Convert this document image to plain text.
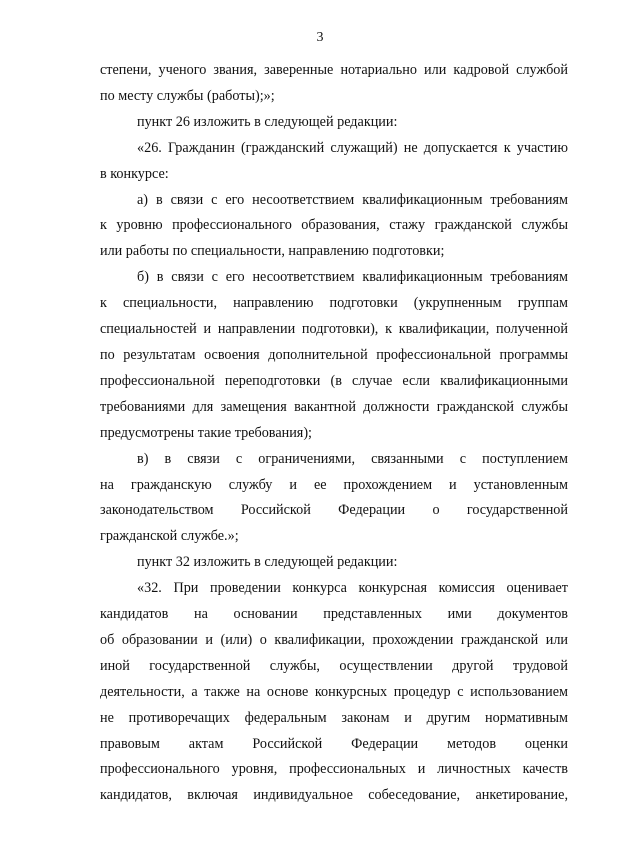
3

степени, ученого звания, заверенные нотариально или кадровой службой
по месту службы (работы);»;

пункт 26 изложить в следующей редакции:

«26. Гражданин (гражданский служащий) не допускается к участию
в конкурсе:

а) в связи с его несоответствием квалификационным требованиям
к уровню профессионального образования, стажу гражданской службы
или работы по специальности, направлению подготовки;

б) в связи с его несоответствием квалификационным требованиям
к специальности, направлению подготовки (укрупненным группам
специальностей и направлении подготовки), к квалификации, полученной
по результатам освоения дополнительной профессиональной программы
профессиональной переподготовки (в случае если квалификационными
требованиями для замещения вакантной должности гражданской службы
предусмотрены такие требования);

в) в связи с ограничениями, связанными с поступлением
на гражданскую службу и ее прохождением и установленным
законодательством Российской Федерации о государственной
гражданской службе.»;

пункт 32 изложить в следующей редакции:

«32. При проведении конкурса конкурсная комиссия оценивает
кандидатов на основании представленных ими документов
об образовании и (или) о квалификации, прохождении гражданской или
иной государственной службы, осуществлении другой трудовой
деятельности, а также на основе конкурсных процедур с использованием
не противоречащих федеральным законам и другим нормативным
правовым актам Российской Федерации методов оценки
профессионального уровня, профессиональных и личностных качеств
кандидатов, включая индивидуальное собеседование, анкетирование,
